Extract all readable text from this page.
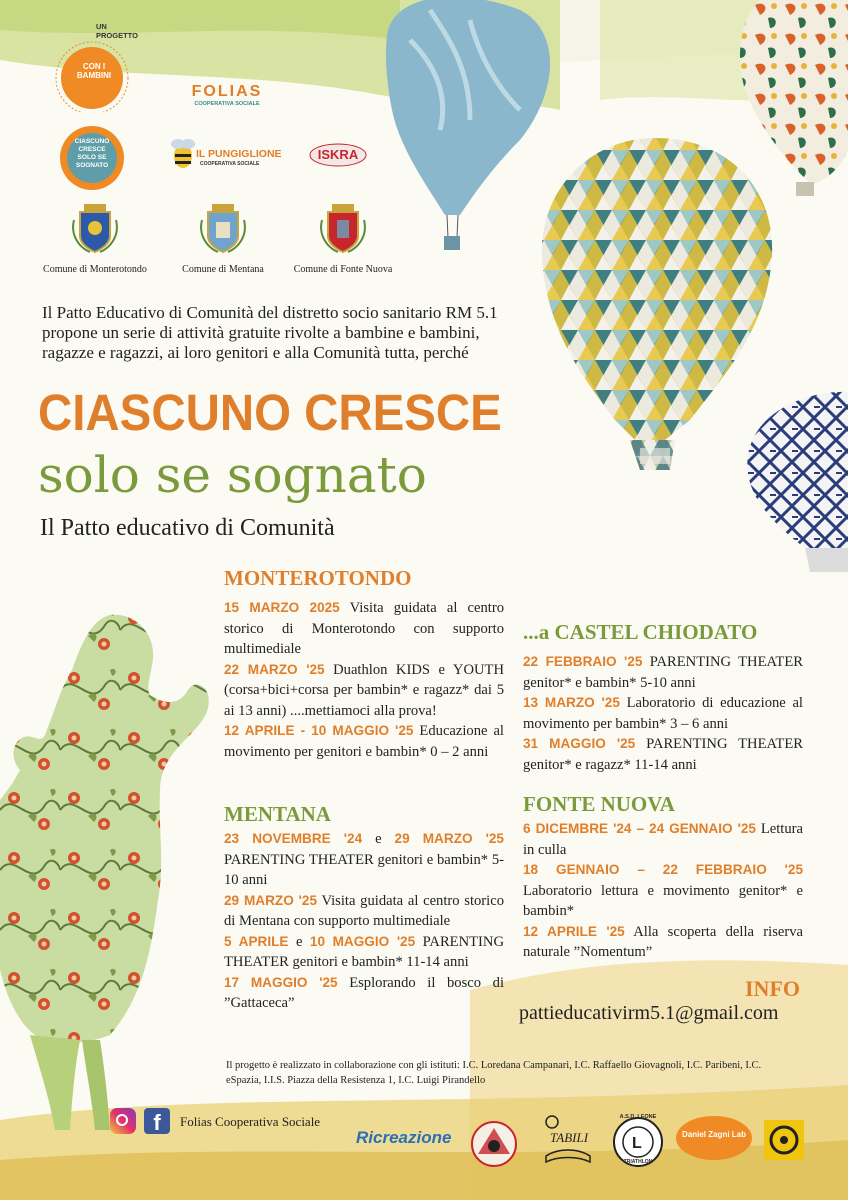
UN PROGETTO
CON I BAMBINI
FOLIAS
COOPERATIVA SOCIALE
CIASCUNO CRESCE SOLO SE SOGNATO
IL PUNGIGLIONE
COOPERATIVA SOCIALE
ISKRA
Comune di Monterotondo	Comune di Mentana	Comune di Fonte Nuova
Il Patto Educativo di Comunità del distretto socio sanitario RM 5.1
propone un serie di attività gratuite rivolte a bambine e bambini,
ragazze e ragazzi, ai loro genitori e alla Comunità tutta, perché
CIASCUNO CRESCE
solo se sognato
Il Patto educativo di Comunità
MONTEROTONDO
15 MARZO 2025 Visita guidata al centro storico di Monterotondo con supporto multimediale
22 MARZO '25 Duathlon KIDS e YOUTH (corsa+bici+corsa per bambin* e ragazz* dai 5 ai 13 anni) ....mettiamoci alla prova!
12 APRILE - 10 MAGGIO '25 Educazione al movimento per genitori e bambin* 0 – 2 anni
MENTANA
23 NOVEMBRE '24 e 29 MARZO '25 PARENTING THEATER genitori e bambin* 5-10 anni
29 MARZO '25 Visita guidata al centro storico di Mentana con supporto multimediale
5 APRILE e 10 MAGGIO '25 PARENTING THEATER genitori e bambin* 11-14 anni
17 MAGGIO '25 Esplorando il bosco di ”Gattaceca”
...a CASTEL CHIODATO
22 FEBBRAIO '25 PARENTING THEATER genitor* e bambin* 5-10 anni
13 MARZO '25 Laboratorio di educazione al movimento per bambin* 3 – 6 anni
31 MAGGIO '25 PARENTING THEATER genitor* e ragazz* 11-14 anni
FONTE NUOVA
6 DICEMBRE '24 – 24 GENNAIO '25 Lettura in culla
18 GENNAIO – 22 FEBBRAIO '25 Laboratorio lettura e movimento genitor* e bambin*
12 APRILE '25 Alla scoperta della riserva naturale ”Nomentum”
INFO
pattieducativirm5.1@gmail.com
Il progetto è realizzato in collaborazione con gli istituti: I.C. Loredana Campanari, I.C. Raffaello Giovagnoli, I.C. Paribeni, I.C. eSpazia, I.I.S. Piazza della Resistenza 1, I.C. Luigi Pirandello
f	Folias Cooperativa Sociale
Ricreazione	TABILI	L
A.S.D. LEONE
TRIATHLON
Daniel Zagni Lab
